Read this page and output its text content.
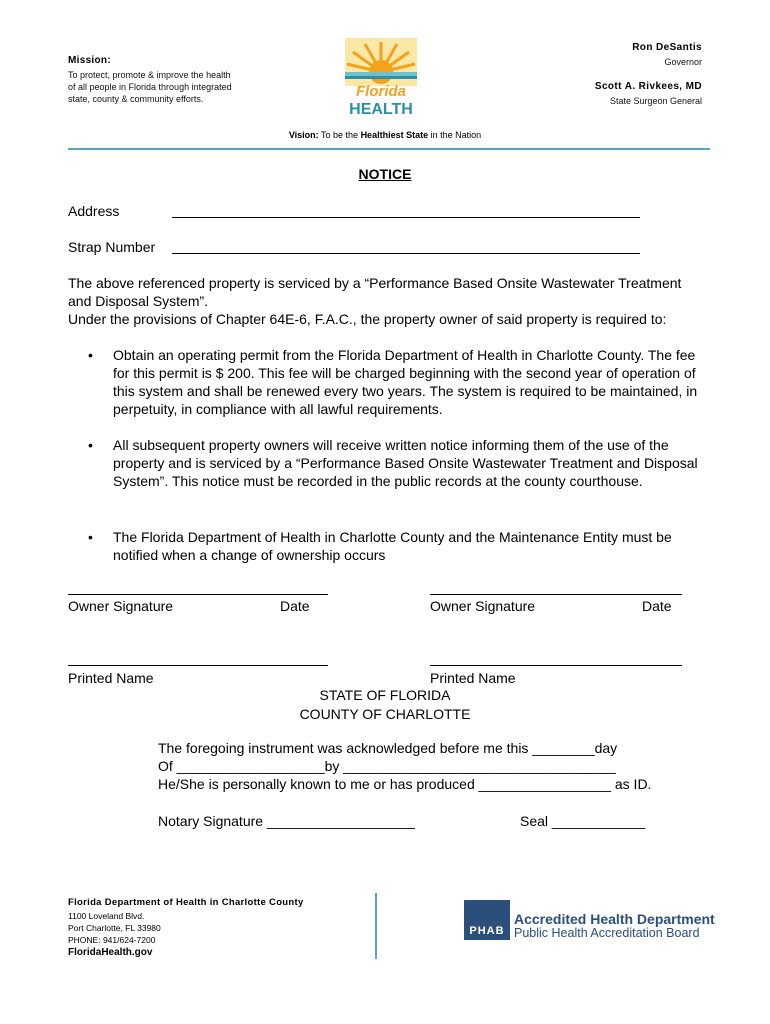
Mission:
To protect, promote & improve the health of all people in Florida through integrated state, county & community efforts.	Florida
HEALTH
Ron DeSantis
Governor
Scott A. Rivkees, MD
State Surgeon General
Vision: To be the Healthiest State in the Nation
NOTICE
Address
Strap Number
The above referenced property is serviced by a “Performance Based Onsite Wastewater Treatment and Disposal System”.
Under the provisions of Chapter 64E-6, F.A.C., the property owner of said property is required to:
• Obtain an operating permit from the Florida Department of Health in Charlotte County. The fee for this permit is $ 200. This fee will be charged beginning with the second year of operation of this system and shall be renewed every two years. The system is required to be maintained, in perpetuity, in compliance with all lawful requirements.
• All subsequent property owners will receive written notice informing them of the use of the property and is serviced by a “Performance Based Onsite Wastewater Treatment and Disposal System”. This notice must be recorded in the public records at the county courthouse.
• The Florida Department of Health in Charlotte County and the Maintenance Entity must be notified when a change of ownership occurs
Owner Signature	Date	Owner Signature	Date
Printed Name	Printed Name
STATE OF FLORIDA
COUNTY OF CHARLOTTE
The foregoing instrument was acknowledged before me this ________day
Of ___________________by ___________________________________
He/She is personally known to me or has produced _________________ as ID.
Notary Signature ___________________	Seal ____________
Florida Department of Health in Charlotte County
1100 Loveland Blvd.
Port Charlotte, FL 33980
PHONE: 941/624-7200
FloridaHealth.gov
PHAB
Accredited Health Department
Public Health Accreditation Board
